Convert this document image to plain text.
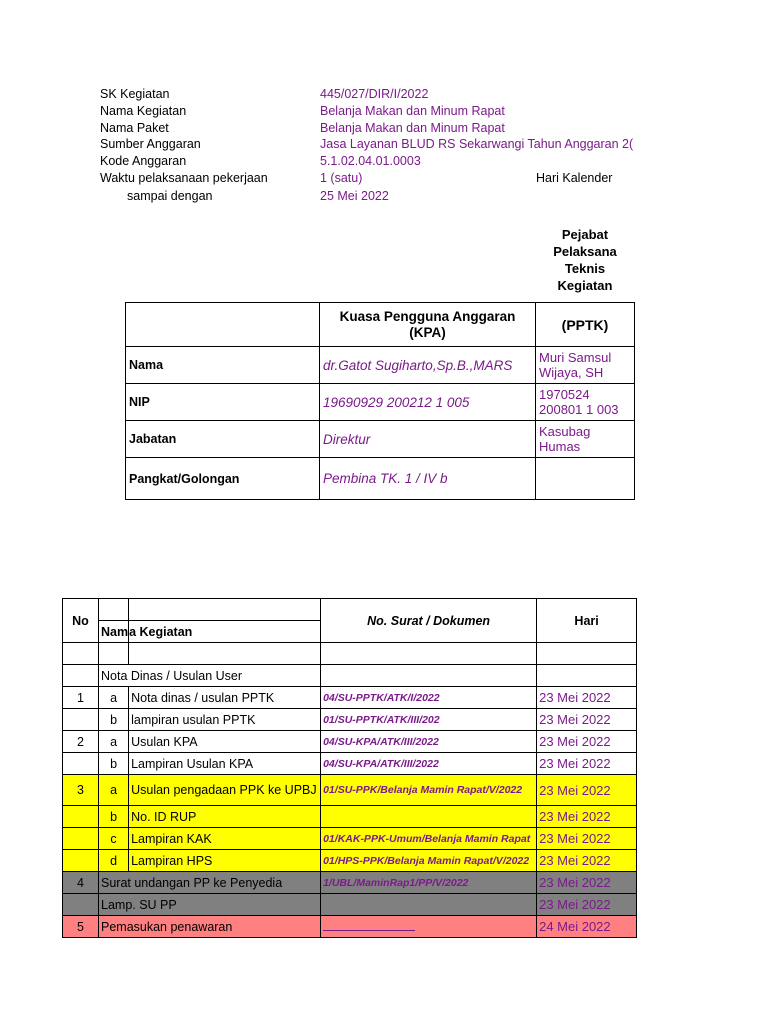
SK Kegiatan	445/027/DIR/I/2022
Nama Kegiatan	Belanja Makan dan Minum Rapat
Nama Paket	Belanja Makan dan Minum Rapat
Sumber Anggaran	Jasa Layanan BLUD RS Sekarwangi Tahun Anggaran 2(
Kode Anggaran	5.1.02.04.01.0003
Waktu pelaksanaan pekerjaan	1 (satu)	Hari Kalender
sampai dengan	25 Mei 2022
Pejabat Pelaksana Teknis Kegiatan
	Kuasa Pengguna Anggaran (KPA)	(PPTK)
Nama	dr.Gatot Sugiharto,Sp.B.,MARS	Muri Samsul Wijaya, SH
NIP	19690929 200212 1 005	1970524 200801 1 003
Jabatan	Direktur	Kasubag Humas
Pangkat/Golongan	Pembina TK. 1 / IV b	
No			No. Surat / Dokumen	Hari
	Nam	a Kegiatan		

	Nota Dinas / Usulan User			
1	a	Nota dinas / usulan PPTK	04/SU-PPTK/ATK/I/2022	23 Mei 2022
	b	lampiran usulan PPTK	01/SU-PPTK/ATK/III/202	23 Mei 2022
2	a	Usulan KPA	04/SU-KPA/ATK/III/2022	23 Mei 2022
	b	Lampiran Usulan KPA	04/SU-KPA/ATK/III/2022	23 Mei 2022
3	a	Usulan pengadaan PPK ke UPBJ	01/SU-PPK/Belanja Mamin Rapat/V/2022	23 Mei 2022
	b	No. ID RUP		23 Mei 2022
	c	Lampiran KAK	01/KAK-PPK-Umum/Belanja Mamin Rapat	23 Mei 2022
	d	Lampiran HPS	01/HPS-PPK/Belanja Mamin Rapat/V/2022	23 Mei 2022
4	Surat undangan PP ke Penyedia		1/UBL/MaminRap1/PP/V/2022	23 Mei 2022
	Lamp. SU PP			23 Mei 2022
5	Pemasukan penawaran			24 Mei 2022
